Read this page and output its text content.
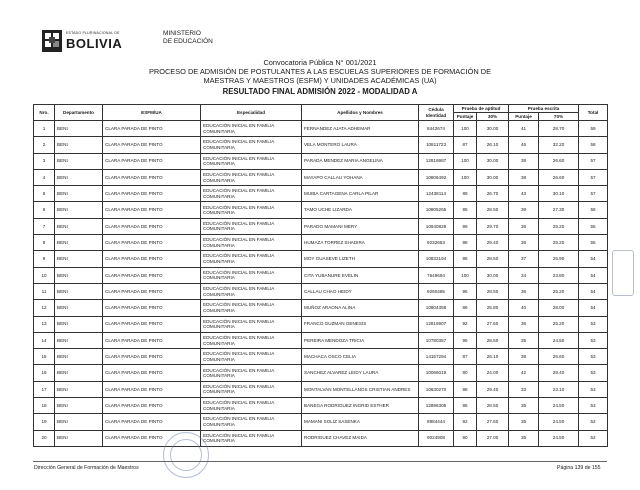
ESTADO PLURINACIONAL DE
BOLIVIA
MINISTERIO
DE EDUCACIÓN
Convocatoria Pública N° 001/2021
PROCESO DE ADMISIÓN DE POSTULANTES A LAS ESCUELAS SUPERIORES DE FORMACIÓN DE
MAESTRAS Y MAESTROS (ESFM) Y UNIDADES ACADÉMICAS (UA)
RESULTADO FINAL ADMISIÓN 2022 - MODALIDAD A
Nro.	Departamento	ESFM/UA	Especialidad	Apellidos y Nombres	Cédula Identidad	Prueba de aptitud		Prueba escrita		Total
						Puntaje	30%	Puntaje	70%	
1	BENI	CLARA PARADA DE PINTO	EDUCACIÓN INICIAL EN FAMILIA COMUNITARIA	FERNANDEZ AJATA ADHEMAR	8442674	100	30.00	41	28.70	59
2	BENI	CLARA PARADA DE PINTO	EDUCACIÓN INICIAL EN FAMILIA COMUNITARIA	VELA MONTERO LAURA	10811723	87	26.10	46	32.20	58
3	BENI	CLARA PARADA DE PINTO	EDUCACIÓN INICIAL EN FAMILIA COMUNITARIA	PARADA MENDEZ MARIA ANGELINA	12816987	100	30.00	38	26.60	57
4	BENI	CLARA PARADA DE PINTO	EDUCACIÓN INICIAL EN FAMILIA COMUNITARIA	MAYAPO CALLAU YOHANA	10806492	100	30.00	38	26.60	57
5	BENI	CLARA PARADA DE PINTO	EDUCACIÓN INICIAL EN FAMILIA COMUNITARIA	MUIBA CARTAGENA CARLA PILAR	12438114	89	26.70	43	30.10	57
6	BENI	CLARA PARADA DE PINTO	EDUCACIÓN INICIAL EN FAMILIA COMUNITARIA	TAMO UCHE LIZARDA	10805265	95	28.50	39	27.30	56
7	BENI	CLARA PARADA DE PINTO	EDUCACIÓN INICIAL EN FAMILIA COMUNITARIA	PARADO MAMANI MERY	10940828	99	29.70	36	25.20	55
8	BENI	CLARA PARADA DE PINTO	EDUCACIÓN INICIAL EN FAMILIA COMUNITARIA	HUMAZA TORREZ SHADIRA	9232653	98	29.40	36	25.20	55
9	BENI	CLARA PARADA DE PINTO	EDUCACIÓN INICIAL EN FAMILIA COMUNITARIA	MOY GUASEVE LIZETH	10832194	95	28.50	37	25.90	54
10	BENI	CLARA PARADA DE PINTO	EDUCACIÓN INICIAL EN FAMILIA COMUNITARIA	CITA YUBANURE EVELIN	7649694	100	30.00	34	23.80	54
11	BENI	CLARA PARADA DE PINTO	EDUCACIÓN INICIAL EN FAMILIA COMUNITARIA	CALLAU CHAO HEIDY	9260485	95	28.50	36	25.20	54
12	BENI	CLARA PARADA DE PINTO	EDUCACIÓN INICIAL EN FAMILIA COMUNITARIA	MUÑOZ ARAONA ALINA	10804358	86	25.80	40	28.00	54
13	BENI	CLARA PARADA DE PINTO	EDUCACIÓN INICIAL EN FAMILIA COMUNITARIA	FRANCO GUZMAN GENESIS	12816907	92	27.60	36	25.20	53
14	BENI	CLARA PARADA DE PINTO	EDUCACIÓN INICIAL EN FAMILIA COMUNITARIA	PEREIRA MENDOZA TRICIA	10780357	95	28.50	35	24.50	53
15	BENI	CLARA PARADA DE PINTO	EDUCACIÓN INICIAL EN FAMILIA COMUNITARIA	MACHACA OSCO CELIA	14157294	87	26.10	38	26.60	53
16	BENI	CLARA PARADA DE PINTO	EDUCACIÓN INICIAL EN FAMILIA COMUNITARIA	SANCHEZ ALVAREZ LEIDY LAURA	10066019	80	24.00	42	29.40	53
17	BENI	CLARA PARADA DE PINTO	EDUCACIÓN INICIAL EN FAMILIA COMUNITARIA	MONTALVAN MONTELLANOS CRISTIAN ANDRES	10830270	98	29.40	33	23.10	53
18	BENI	CLARA PARADA DE PINTO	EDUCACIÓN INICIAL EN FAMILIA COMUNITARIA	BANEGA RODRIGUEZ INGRID ESTHER	12896305	95	28.50	35	24.50	53
19	BENI	CLARA PARADA DE PINTO	EDUCACIÓN INICIAL EN FAMILIA COMUNITARIA	MAMANI SOLIZ SASENKA	8984444	92	27.60	35	24.50	52
20	BENI	CLARA PARADA DE PINTO	EDUCACIÓN INICIAL EN FAMILIA COMUNITARIA	RODRIGUEZ CHAVEZ MAIDA	9024908	90	27.00	35	24.50	52
Dirección General de Formación de Maestros	Página 139 de 155
